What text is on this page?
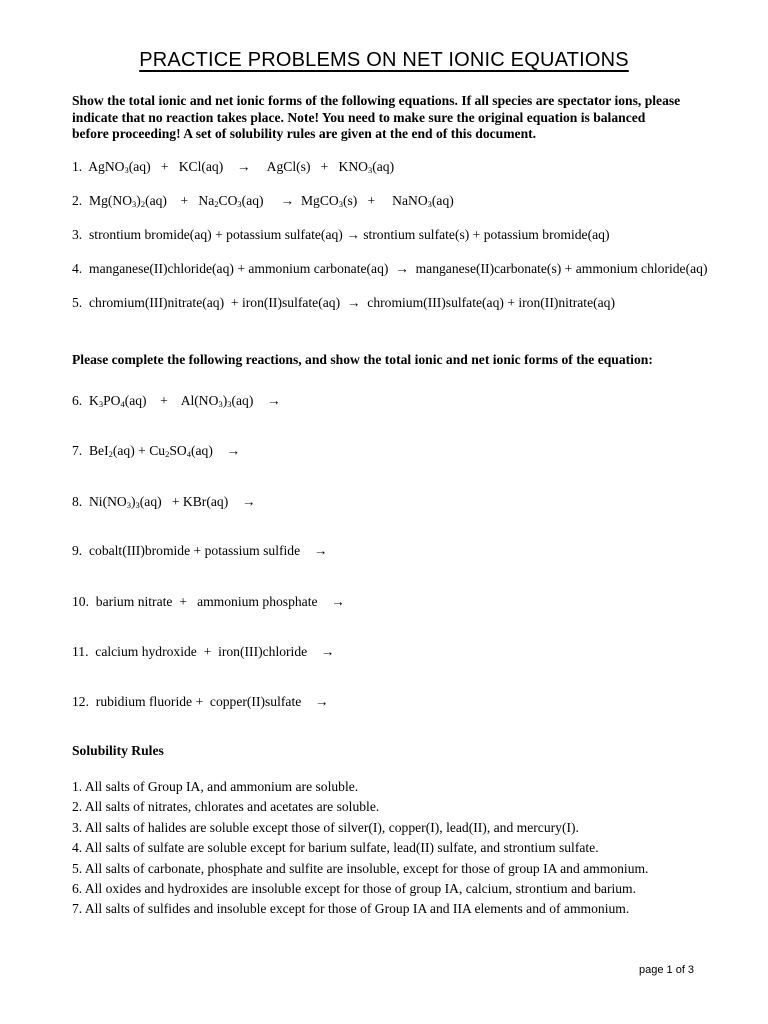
PRACTICE PROBLEMS ON NET IONIC EQUATIONS
Show the total ionic and net ionic forms of the following equations. If all species are spectator ions, please
indicate that no reaction takes place. Note! You need to make sure the original equation is balanced
before proceeding! A set of solubility rules are given at the end of this document.
1.  AgNO$_3$(aq)   +   KCl(aq)    →     AgCl(s)   +   $KNO_3(aq)$
2.  $Mg(NO_3)_2(aq)$    +   $Na_2CO_3(aq)$     →  MgCO$_3$(s)   +     NaNO$_3$(aq)
3.  strontium bromide(aq) + potassium sulfate(aq) → strontium sulfate(s) + potassium bromide(aq)
4.  manganese(II)chloride(aq) + ammonium carbonate(aq)  →  manganese(II)carbonate(s) + ammonium chloride(aq)
5.  chromium(III)nitrate(aq)  + iron(II)sulfate(aq)  →  chromium(III)sulfate(aq) + iron(II)nitrate(aq)
Please complete the following reactions, and show the total ionic and net ionic forms of the equation:
6.  $K_3PO_4(aq)$    +    $Al(NO_3)_3(aq)$    →
7.  $BeI_2(aq) + Cu_2SO_4(aq)$    →
8.  $Ni(NO_3)_3(aq) + KBr(aq)$    →
9.  cobalt(III)bromide + potassium sulfide    →
10.  barium nitrate  +   ammonium phosphate    →
11.  calcium hydroxide  +  iron(III)chloride    →
12.  rubidium fluoride +  copper(II)sulfate    →
Solubility Rules
1. All salts of Group IA, and ammonium are soluble.
2. All salts of nitrates, chlorates and acetates are soluble.
3. All salts of halides are soluble except those of silver(I), copper(I), lead(II), and mercury(I).
4. All salts of sulfate are soluble except for barium sulfate, lead(II) sulfate, and strontium sulfate.
5. All salts of carbonate, phosphate and sulfite are insoluble, except for those of group IA and ammonium.
6. All oxides and hydroxides are insoluble except for those of group IA, calcium, strontium and barium.
7. All salts of sulfides and insoluble except for those of Group IA and IIA elements and of ammonium.
page 1 of 3
